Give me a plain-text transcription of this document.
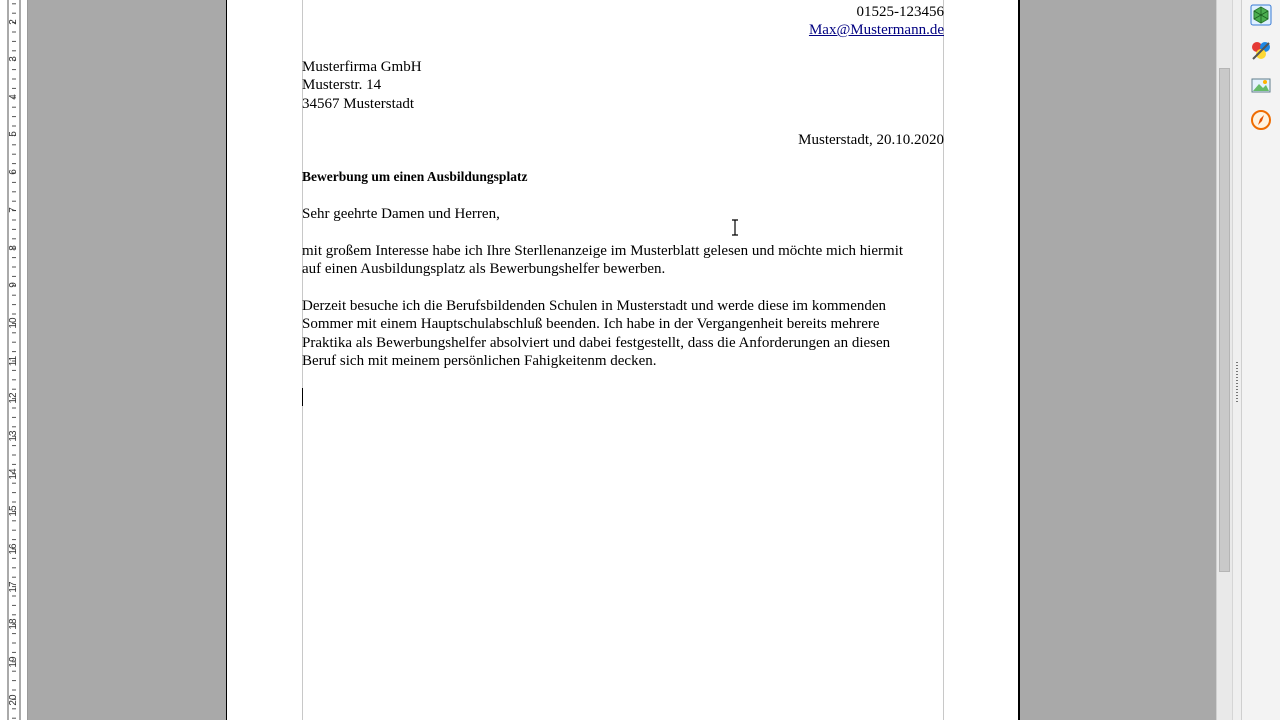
2
3
4
5
6
7
8
9
10
11
12
13
14
15
16
17
18
19
20
01525-123456
Max@Mustermann.de
Musterfirma GmbH
Musterstr. 14
34567 Musterstadt
Musterstadt, 20.10.2020
Bewerbung um einen Ausbildungsplatz
Sehr geehrte Damen und Herren,
mit großem Interesse habe ich Ihre Sterllenanzeige im Musterblatt gelesen und möchte mich hiermit
auf einen Ausbildungsplatz als Bewerbungshelfer bewerben.
Derzeit besuche ich die Berufsbildenden Schulen in Musterstadt und werde diese im kommenden
Sommer mit einem Hauptschulabschluß beenden. Ich habe in der Vergangenheit bereits mehrere
Praktika als Bewerbungshelfer absolviert und dabei festgestellt, dass die Anforderungen an diesen
Beruf sich mit meinem persönlichen Fahigkeitenm decken.
